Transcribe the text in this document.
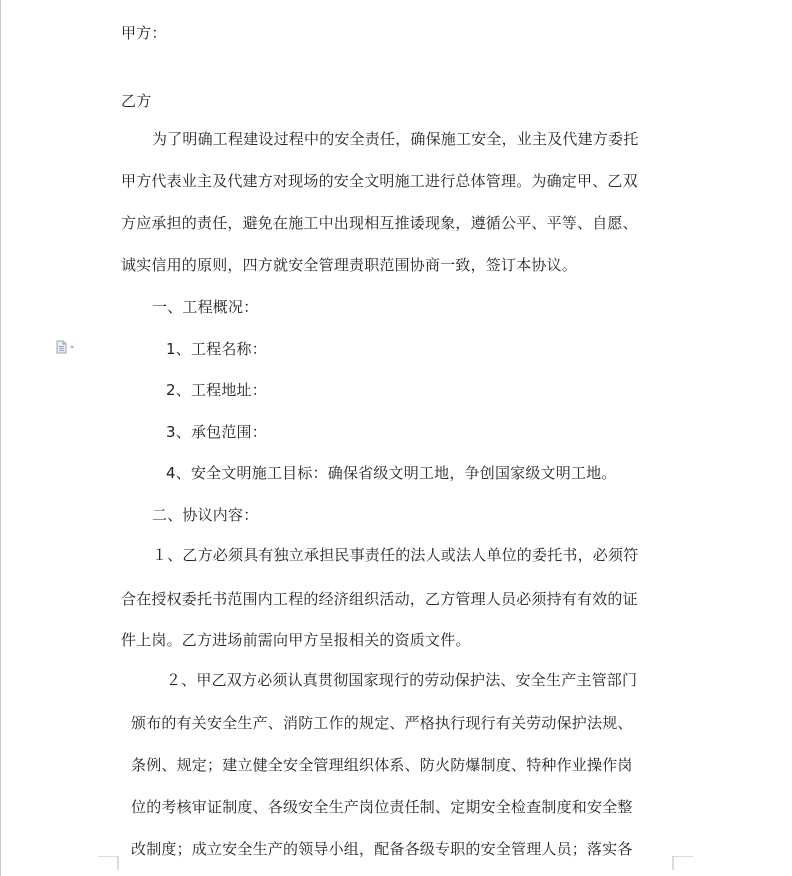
甲方：
乙方
为了明确工程建设过程中的安全责任，确保施工安全，业主及代建方委托
甲方代表业主及代建方对现场的安全文明施工进行总体管理。为确定甲、乙双
方应承担的责任，避免在施工中出现相互推诿现象，遵循公平、平等、自愿、
诚实信用的原则，四方就安全管理责职范围协商一致，签订本协议。
一、工程概况：
1、工程名称：
2、工程地址：
3、承包范围：
4、安全文明施工目标：确保省级文明工地，争创国家级文明工地。
二、协议内容：
１、乙方必须具有独立承担民事责任的法人或法人单位的委托书，必须符
合在授权委托书范围内工程的经济组织活动，乙方管理人员必须持有有效的证
件上岗。乙方进场前需向甲方呈报相关的资质文件。
２、甲乙双方必须认真贯彻国家现行的劳动保护法、安全生产主管部门
颁布的有关安全生产、消防工作的规定、严格执行现行有关劳动保护法规、
条例、规定；建立健全安全管理组织体系、防火防爆制度、特种作业操作岗
位的考核审证制度、各级安全生产岗位责任制、定期安全检查制度和安全整
改制度；成立安全生产的领导小组，配备各级专职的安全管理人员；落实各
